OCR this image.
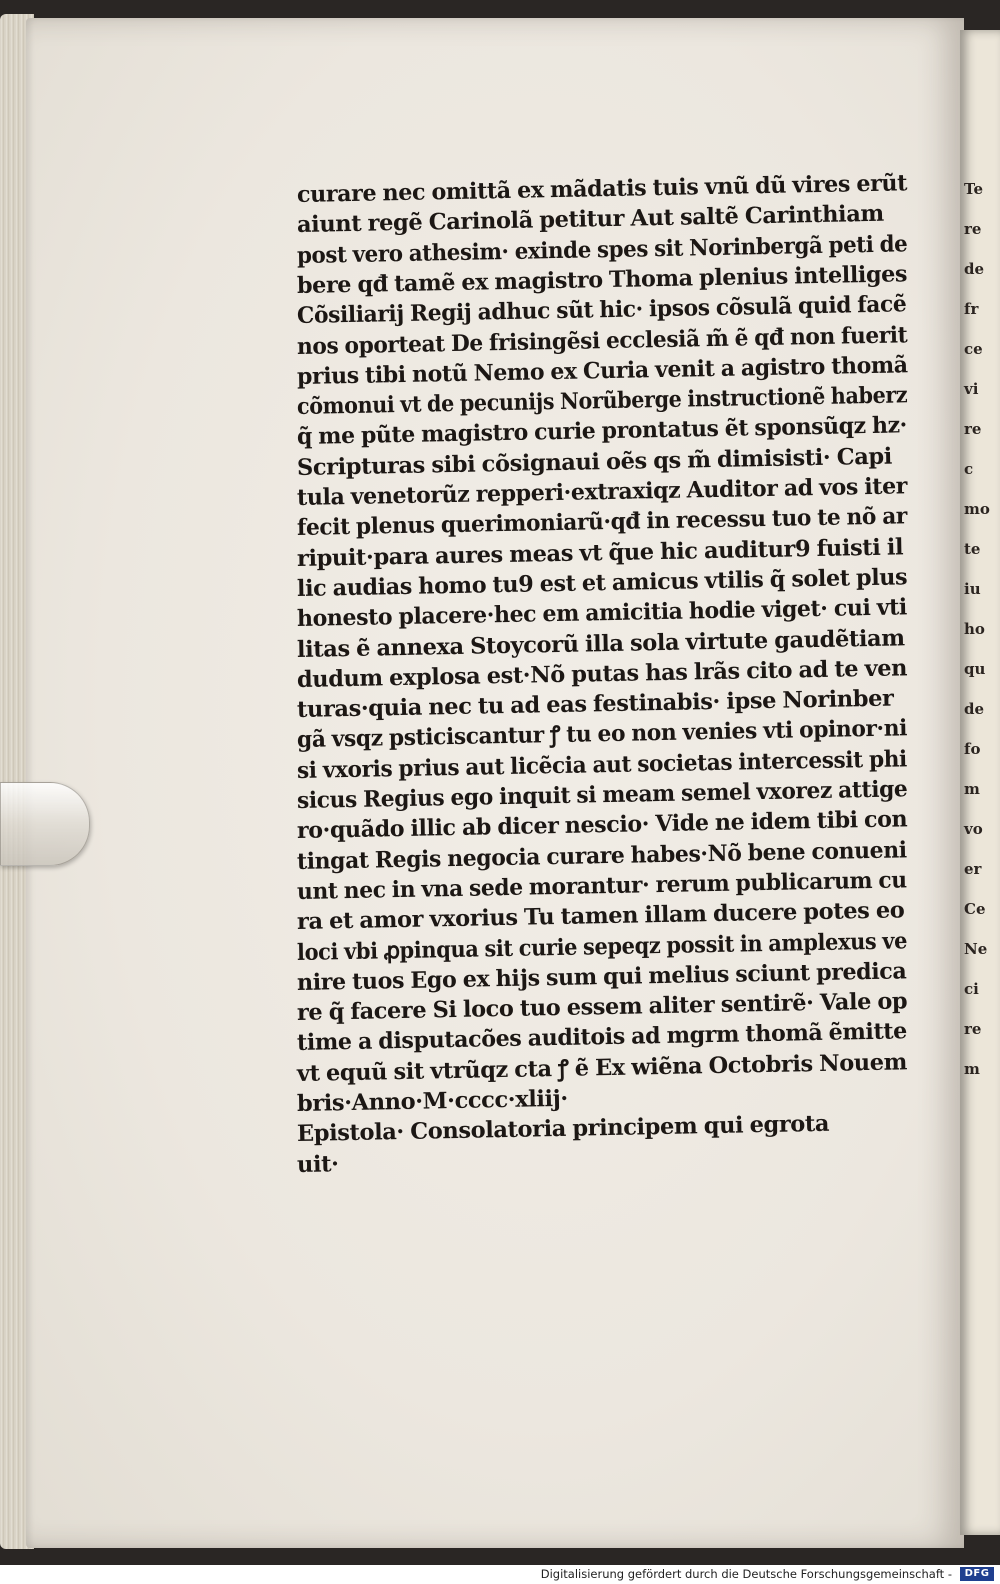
Te
re
de
fr
ce
vi
re
c
mo
te
iu
ho
qu
de
fo
m
vo
er
Ce
Ne
ci
re
m
curare nec omittã ex mãdatis tuis vnũ dũ vires erũt
aiunt regẽ Carinolã petitur Aut saltẽ Carinthiam
post vero athesim· exinde spes sit Norinbergã peti de
bere qđ tamẽ ex magistro Thoma plenius intelliges
Cõsiliarij Regij adhuc sũt hic· ipsos cõsulã quid facẽ
nos oporteat De frisingẽsi ecclesiã m̃ ẽ qđ non fuerit
prius tibi notũ Nemo ex Curia venit a agistro thomã
cõmonui vt de pecunijs Norũberge instructionẽ haberz
q̃ me pũte magistro curie prontatus ẽt sponsũqz hz·
Scripturas sibi cõsignaui oẽs qs m̃ dimisisti· Capi
tula venetorũz repperi·extraxiqz Auditor ad vos iter
fecit plenus querimoniarũ·qđ in recessu tuo te nõ ar
ripuit·para aures meas vt q̃ue hic auditur9 fuisti il
lic audias homo tu9 est et amicus vtilis q̃ solet plus
honesto placere·hec em amicitia hodie viget· cui vti
litas ẽ annexa Stoycorũ illa sola virtute gaudẽtiam
dudum explosa est·Nõ putas has lrãs cito ad te ven
turas·quia nec tu ad eas festinabis· ipse Norinber
gã vsqz psticiscantur ꝭ tu eo non venies vti opinor·ni
si vxoris prius aut licẽcia aut societas intercessit phi
sicus Regius ego inquit si meam semel vxorez attige
ro·quãdo illic ab dicer nescio· Vide ne idem tibi con
tingat Regis negocia curare habes·Nõ bene conueni
unt nec in vna sede morantur· rerum publicarum cu
ra et amor vxorius Tu tamen illam ducere potes eo
loci vbi ꝓpinqua sit curie sepeqz possit in amplexus ve
nire tuos Ego ex hĳs sum qui melius sciunt predica
re q̃ facere Si loco tuo essem aliter sentirẽ· Vale op
time a disputacões auditois ad mgrm thomã ẽmitte
vt equũ sit vtrũqz cta ꝭ ẽ Ex wiẽna Octobris Nouem
bris·Anno·M·cccc·xliij·
Epistola· Consolatoria principem qui egrota
uit·
Digitalisierung gefördert durch die Deutsche Forschungsgemeinschaft -	DFG
